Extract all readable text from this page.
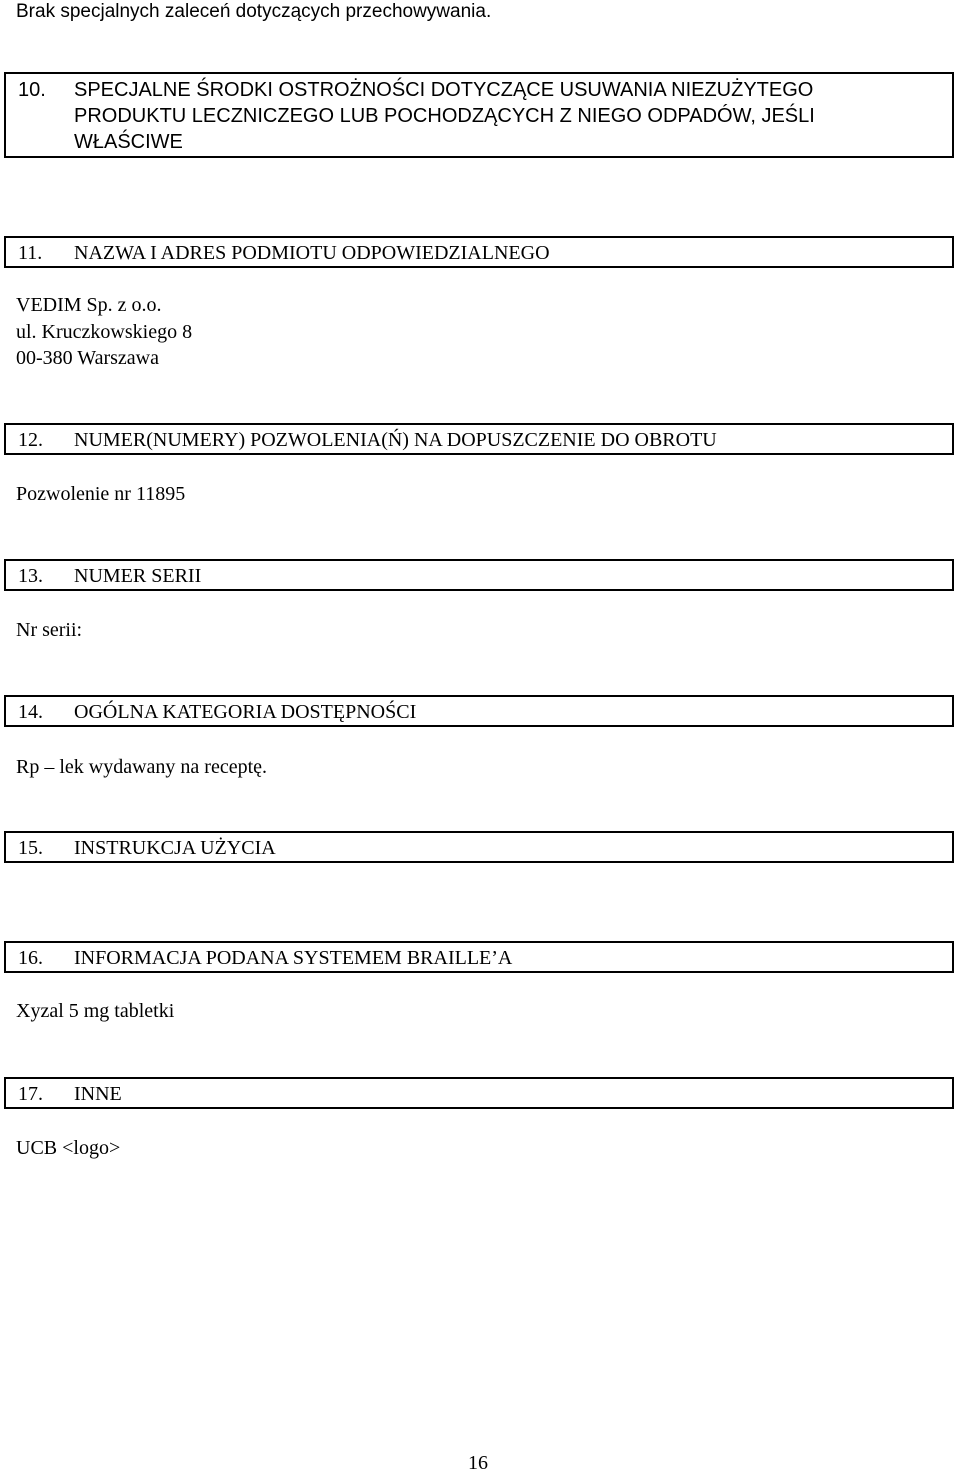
Brak specjalnych zaleceń dotyczących przechowywania.
10. SPECJALNE ŚRODKI OSTROŻNOŚCI DOTYCZĄCE USUWANIA NIEZUŻYTEGO
PRODUKTU LECZNICZEGO LUB POCHODZĄCYCH Z NIEGO ODPADÓW, JEŚLI
WŁAŚCIWE
11. NAZWA I ADRES PODMIOTU ODPOWIEDZIALNEGO
VEDIM Sp. z o.o.
ul. Kruczkowskiego 8
00-380 Warszawa
12. NUMER(NUMERY) POZWOLENIA(Ń) NA DOPUSZCZENIE DO OBROTU
Pozwolenie nr 11895
13. NUMER SERII
Nr serii:
14. OGÓLNA KATEGORIA DOSTĘPNOŚCI
Rp – lek wydawany na receptę.
15. INSTRUKCJA UŻYCIA
16. INFORMACJA PODANA SYSTEMEM BRAILLE’A
Xyzal 5 mg tabletki
17. INNE
UCB <logo>
16
